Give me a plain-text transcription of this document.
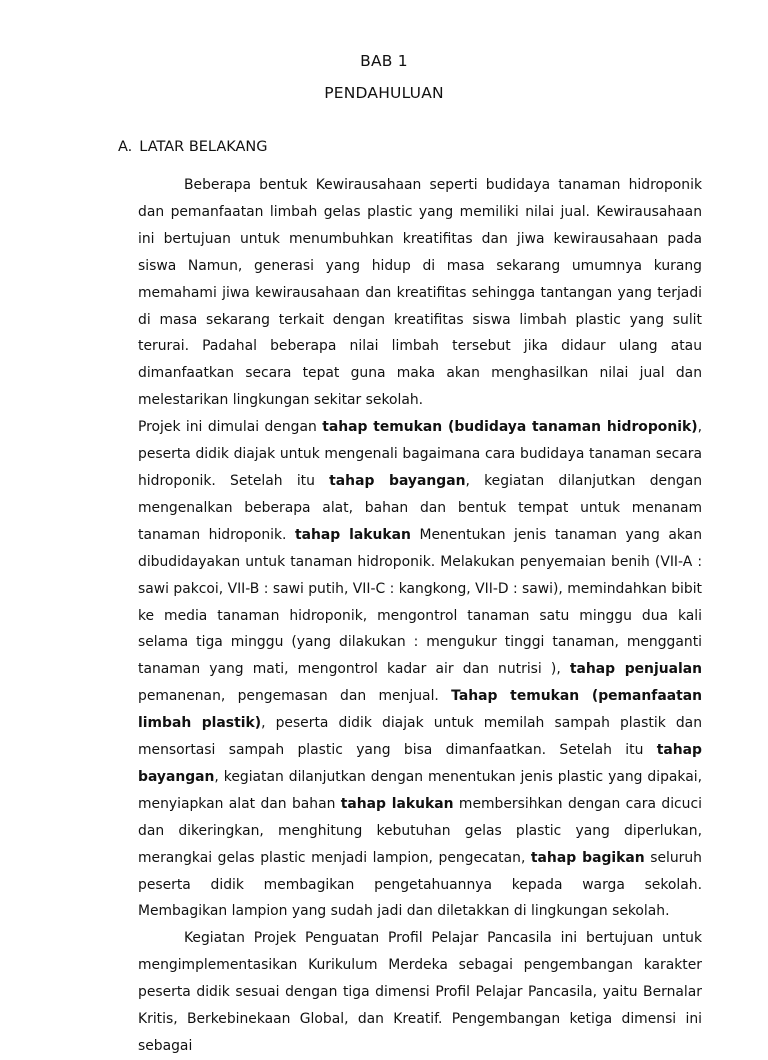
BAB 1
PENDAHULUAN
A. LATAR BELAKANG

Beberapa bentuk Kewirausahaan seperti budidaya tanaman hidroponik dan pemanfaatan limbah gelas plastic yang memiliki nilai jual. Kewirausahaan ini bertujuan untuk menumbuhkan kreatifitas dan jiwa kewirausahaan pada siswa Namun, generasi yang hidup di masa sekarang umumnya kurang memahami jiwa kewirausahaan dan kreatifitas sehingga tantangan yang terjadi di masa sekarang terkait dengan kreatifitas siswa limbah plastic yang sulit terurai. Padahal beberapa nilai limbah tersebut jika didaur ulang atau dimanfaatkan secara tepat guna maka akan menghasilkan nilai jual dan melestarikan lingkungan sekitar sekolah.

Projek ini dimulai dengan tahap temukan (budidaya tanaman hidroponik), peserta didik diajak untuk mengenali bagaimana cara budidaya tanaman secara hidroponik. Setelah itu tahap bayangan, kegiatan dilanjutkan dengan mengenalkan beberapa alat, bahan dan bentuk tempat untuk menanam tanaman hidroponik. tahap lakukan Menentukan jenis tanaman yang akan dibudidayakan untuk tanaman hidroponik. Melakukan penyemaian benih (VII-A : sawi pakcoi, VII-B : sawi putih, VII-C : kangkong, VII-D : sawi), memindahkan bibit ke media tanaman hidroponik, mengontrol tanaman satu minggu dua kali selama tiga minggu (yang dilakukan : mengukur tinggi tanaman, mengganti tanaman yang mati, mengontrol kadar air dan nutrisi ), tahap penjualan pemanenan, pengemasan dan menjual. Tahap temukan (pemanfaatan limbah plastik), peserta didik diajak untuk memilah sampah plastik dan mensortasi sampah plastic yang bisa dimanfaatkan. Setelah itu tahap bayangan, kegiatan dilanjutkan dengan menentukan jenis plastic yang dipakai, menyiapkan alat dan bahan tahap lakukan membersihkan dengan cara dicuci dan dikeringkan, menghitung kebutuhan gelas plastic yang diperlukan, merangkai gelas plastic menjadi lampion, pengecatan, tahap bagikan seluruh peserta didik membagikan pengetahuannya kepada warga sekolah. Membagikan lampion yang sudah jadi dan diletakkan di lingkungan sekolah.

Kegiatan Projek Penguatan Profil Pelajar Pancasila ini bertujuan untuk mengimplementasikan Kurikulum Merdeka sebagai pengembangan karakter peserta didik sesuai dengan tiga dimensi Profil Pelajar Pancasila, yaitu Bernalar Kritis, Berkebinekaan Global, dan Kreatif. Pengembangan ketiga dimensi ini sebagai
